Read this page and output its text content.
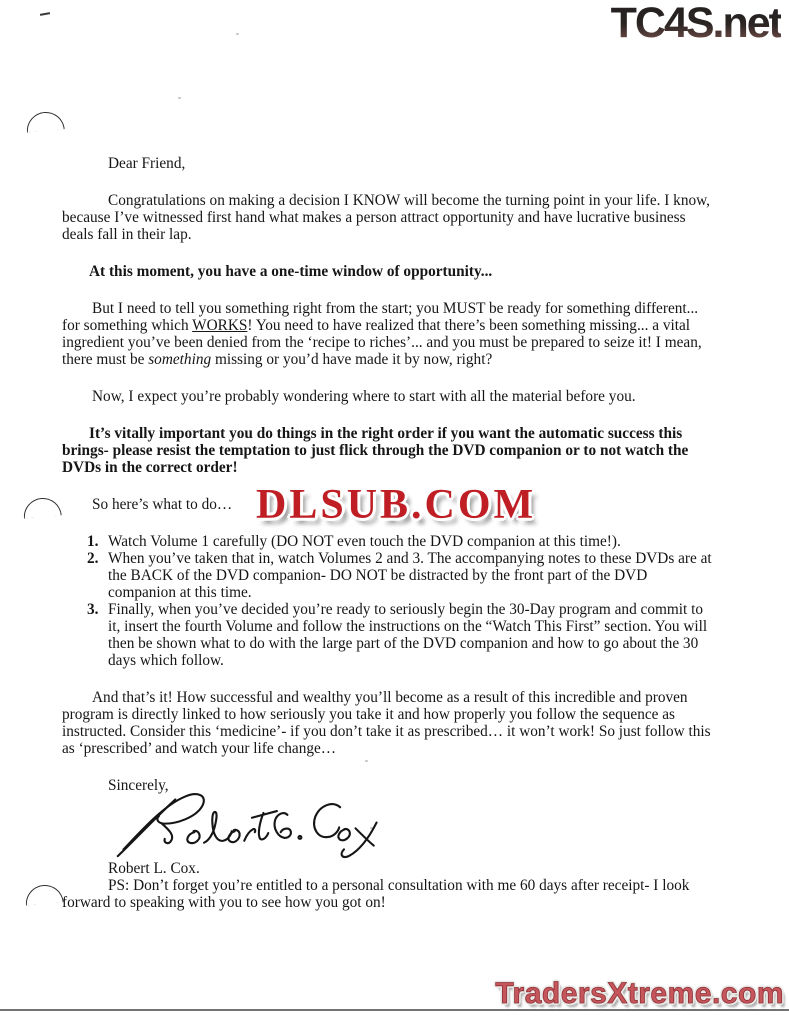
TC4S.net
DLSUB.COM

Dear Friend,

Congratulations on making a decision I KNOW will become the turning point in your life. I know, because I’ve witnessed first hand what makes a person attract opportunity and have lucrative business deals fall in their lap.

At this moment, you have a one-time window of opportunity...

But I need to tell you something right from the start; you MUST be ready for something different... for something which WORKS! You need to have realized that there’s been something missing... a vital ingredient you’ve been denied from the ‘recipe to riches’... and you must be prepared to seize it! I mean, there must be something missing or you’d have made it by now, right?

Now, I expect you’re probably wondering where to start with all the material before you.

It’s vitally important you do things in the right order if you want the automatic success this brings- please resist the temptation to just flick through the DVD companion or to not watch the DVDs in the correct order!

So here’s what to do…

1. Watch Volume 1 carefully (DO NOT even touch the DVD companion at this time!).
2. When you’ve taken that in, watch Volumes 2 and 3. The accompanying notes to these DVDs are at the BACK of the DVD companion- DO NOT be distracted by the front part of the DVD companion at this time.
3. Finally, when you’ve decided you’re ready to seriously begin the 30-Day program and commit to it, insert the fourth Volume and follow the instructions on the “Watch This First” section. You will then be shown what to do with the large part of the DVD companion and how to go about the 30 days which follow.

And that’s it! How successful and wealthy you’ll become as a result of this incredible and proven program is directly linked to how seriously you take it and how properly you follow the sequence as instructed. Consider this ‘medicine’- if you don’t take it as prescribed… it won’t work! So just follow this as ‘prescribed’ and watch your life change…

Sincerely,

Robert L. Cox.

PS: Don’t forget you’re entitled to a personal consultation with me 60 days after receipt- I look forward to speaking with you to see how you got on!

TradersXtreme.com
